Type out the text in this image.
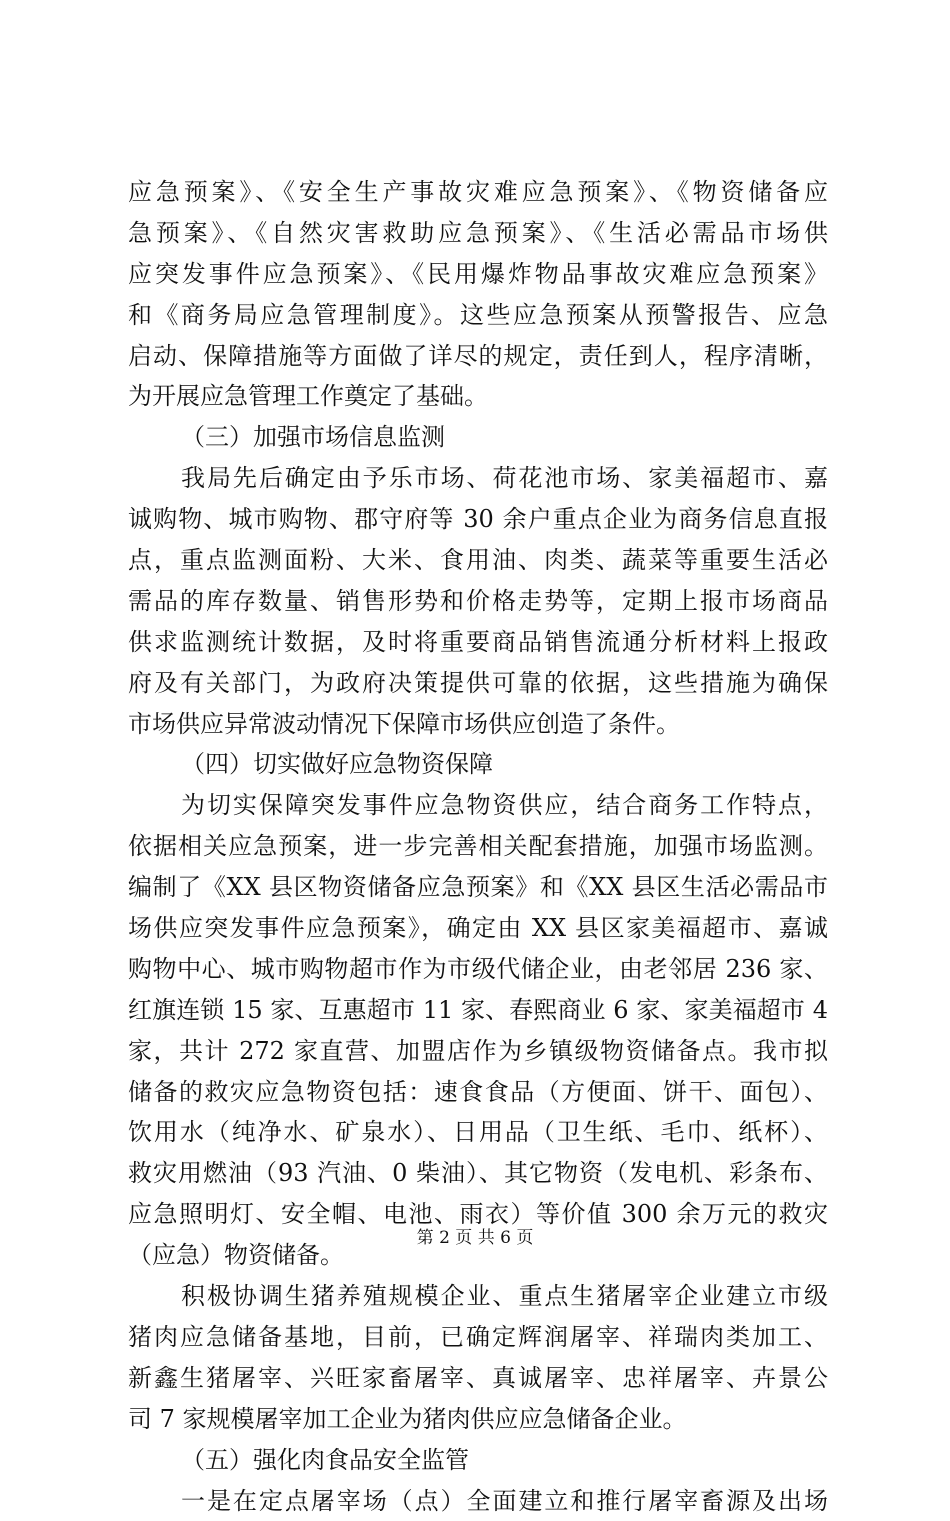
应急预案》、《安全生产事故灾难应急预案》、《物资储备应
急预案》、《自然灾害救助应急预案》、《生活必需品市场供
应突发事件应急预案》、《民用爆炸物品事故灾难应急预案》
和《商务局应急管理制度》。这些应急预案从预警报告、应急
启动、保障措施等方面做了详尽的规定，责任到人，程序清晰，
为开展应急管理工作奠定了基础。
（三）加强市场信息监测
我局先后确定由予乐市场、荷花池市场、家美福超市、嘉
诚购物、城市购物、郡守府等 30 余户重点企业为商务信息直报
点，重点监测面粉、大米、食用油、肉类、蔬菜等重要生活必
需品的库存数量、销售形势和价格走势等，定期上报市场商品
供求监测统计数据，及时将重要商品销售流通分析材料上报政
府及有关部门，为政府决策提供可靠的依据，这些措施为确保
市场供应异常波动情况下保障市场供应创造了条件。
（四）切实做好应急物资保障
为切实保障突发事件应急物资供应，结合商务工作特点，
依据相关应急预案，进一步完善相关配套措施，加强市场监测。
编制了《XX 县区物资储备应急预案》和《XX 县区生活必需品市
场供应突发事件应急预案》，确定由 XX 县区家美福超市、嘉诚
购物中心、城市购物超市作为市级代储企业，由老邻居 236 家、
红旗连锁 15 家、互惠超市 11 家、春熙商业 6 家、家美福超市 4
家，共计 272 家直营、加盟店作为乡镇级物资储备点。我市拟
储备的救灾应急物资包括：速食食品（方便面、饼干、面包）、
饮用水（纯净水、矿泉水）、日用品（卫生纸、毛巾、纸杯）、
救灾用燃油（93 汽油、0 柴油）、其它物资（发电机、彩条布、
应急照明灯、安全帽、电池、雨衣）等价值 300 余万元的救灾
（应急）物资储备。
积极协调生猪养殖规模企业、重点生猪屠宰企业建立市级
猪肉应急储备基地，目前，已确定辉润屠宰、祥瑞肉类加工、
新鑫生猪屠宰、兴旺家畜屠宰、真诚屠宰、忠祥屠宰、卉景公
司 7 家规模屠宰加工企业为猪肉供应应急储备企业。
（五）强化肉食品安全监管
一是在定点屠宰场（点）全面建立和推行屠宰畜源及出场
第 2 页 共 6 页
